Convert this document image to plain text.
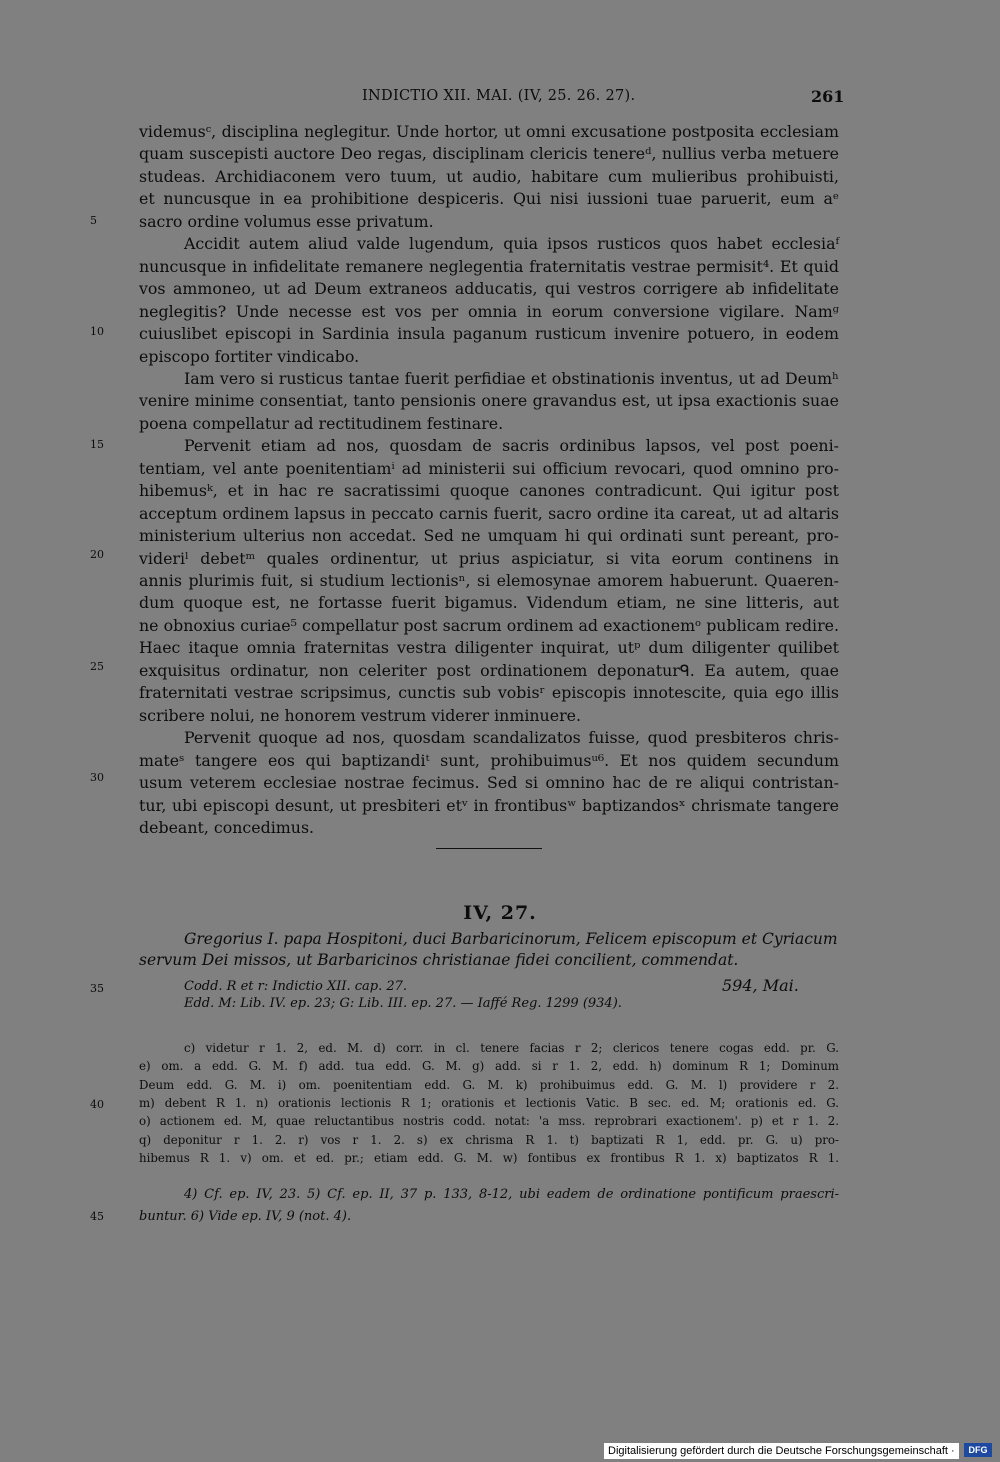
INDICTIO XII. MAI. (IV, 25. 26. 27).	261
videmusᶜ, disciplina neglegitur. Unde hortor, ut omni excusatione postposita ecclesiam
quam suscepisti auctore Deo regas, disciplinam clericis tenereᵈ, nullius verba metuere
studeas. Archidiaconem vero tuum, ut audio, habitare cum mulieribus prohibuisti,
et nuncusque in ea prohibitione despiceris. Qui nisi iussioni tuae paruerit, eum aᵉ
sacro ordine volumus esse privatum.
Accidit autem aliud valde lugendum, quia ipsos rusticos quos habet ecclesiaᶠ
nuncusque in infidelitate remanere neglegentia fraternitatis vestrae permisit⁴. Et quid
vos ammoneo, ut ad Deum extraneos adducatis, qui vestros corrigere ab infidelitate
neglegitis? Unde necesse est vos per omnia in eorum conversione vigilare. Namᵍ
cuiuslibet episcopi in Sardinia insula paganum rusticum invenire potuero, in eodem
episcopo fortiter vindicabo.
Iam vero si rusticus tantae fuerit perfidiae et obstinationis inventus, ut ad Deumʰ
venire minime consentiat, tanto pensionis onere gravandus est, ut ipsa exactionis suae
poena compellatur ad rectitudinem festinare.
Pervenit etiam ad nos, quosdam de sacris ordinibus lapsos, vel post poeni-
tentiam, vel ante poenitentiamⁱ ad ministerii sui officium revocari, quod omnino pro-
hibemusᵏ, et in hac re sacratissimi quoque canones contradicunt. Qui igitur post
acceptum ordinem lapsus in peccato carnis fuerit, sacro ordine ita careat, ut ad altaris
ministerium ulterius non accedat. Sed ne umquam hi qui ordinati sunt pereant, pro-
videriˡ debetᵐ quales ordinentur, ut prius aspiciatur, si vita eorum continens in
annis plurimis fuit, si studium lectionisⁿ, si elemosynae amorem habuerunt. Quaeren-
dum quoque est, ne fortasse fuerit bigamus. Videndum etiam, ne sine litteris, aut
ne obnoxius curiae⁵ compellatur post sacrum ordinem ad exactionemᵒ publicam redire.
Haec itaque omnia fraternitas vestra diligenter inquirat, utᵖ dum diligenter quilibet
exquisitus ordinatur, non celeriter post ordinationem deponaturᑫ. Ea autem, quae
fraternitati vestrae scripsimus, cunctis sub vobisʳ episcopis innotescite, quia ego illis
scribere nolui, ne honorem vestrum viderer inminuere.
Pervenit quoque ad nos, quosdam scandalizatos fuisse, quod presbiteros chris-
mateˢ tangere eos qui baptizandiᵗ sunt, prohibuimusᵘ⁶. Et nos quidem secundum
usum veterem ecclesiae nostrae fecimus. Sed si omnino hac de re aliqui contristan-
tur, ubi episcopi desunt, ut presbiteri etᵛ in frontibusʷ baptizandosˣ chrismate tangere
debeant, concedimus.
5
10
15
20
25
30
35
40
45
IV, 27.
Gregorius I. papa Hospitoni, duci Barbaricinorum, Felicem episcopum et Cyriacum
servum Dei missos, ut Barbaricinos christianae fidei concilient, commendat.
Codd. R et r: Indictio XII. cap. 27.	594, Mai.
Edd. M: Lib. IV. ep. 23; G: Lib. III. ep. 27. — Iaffé Reg. 1299 (934).
c) videtur r 1. 2, ed. M. d) corr. in cl. tenere facias r 2; clericos tenere cogas edd. pr. G.
e) om. a edd. G. M. f) add. tua edd. G. M. g) add. si r 1. 2, edd. h) dominum R 1; Dominum
Deum edd. G. M. i) om. poenitentiam edd. G. M. k) prohibuimus edd. G. M. l) providere r 2.
m) debent R 1. n) orationis lectionis R 1; orationis et lectionis Vatic. B sec. ed. M; orationis ed. G.
o) actionem ed. M, quae reluctantibus nostris codd. notat: 'a mss. reprobrari exactionem'. p) et r 1. 2.
q) deponitur r 1. 2. r) vos r 1. 2. s) ex chrisma R 1. t) baptizati R 1, edd. pr. G. u) pro-
hibemus R 1. v) om. et ed. pr.; etiam edd. G. M. w) fontibus ex frontibus R 1. x) baptizatos R 1.
4) Cf. ep. IV, 23. 5) Cf. ep. II, 37 p. 133, 8-12, ubi eadem de ordinatione pontificum praescri-
buntur. 6) Vide ep. IV, 9 (not. 4).
Digitalisierung gefördert durch die Deutsche Forschungsgemeinschaft ·	DFG
